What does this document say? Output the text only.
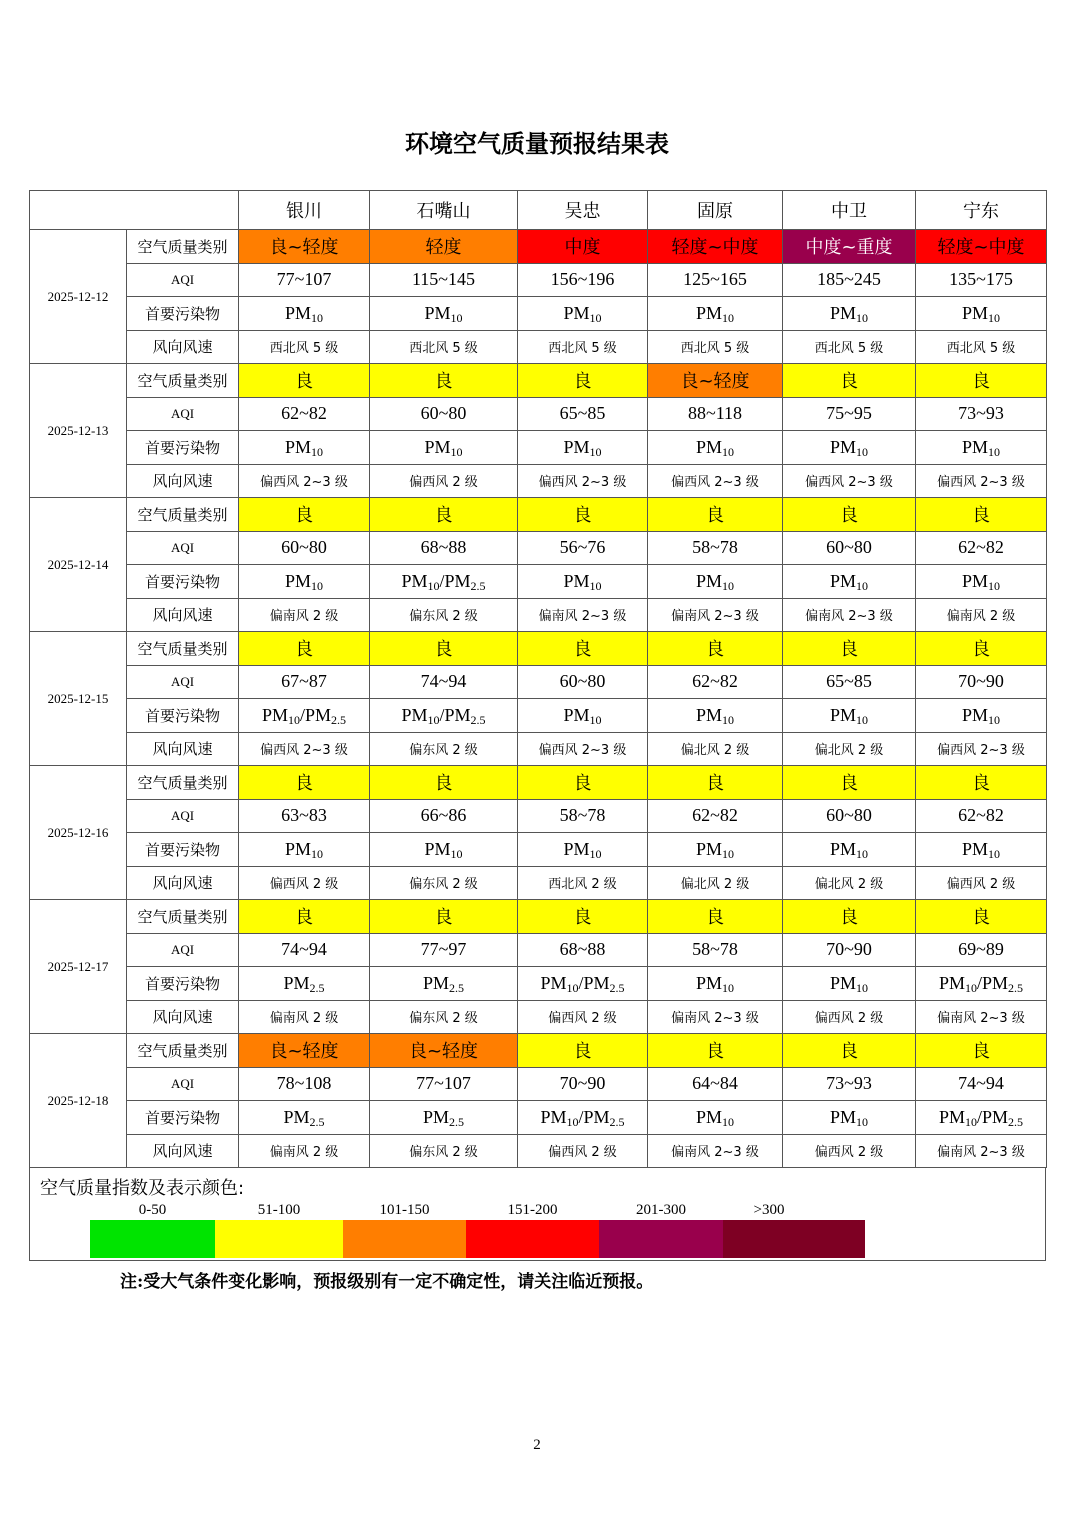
环境空气质量预报结果表
		银川	石嘴山	吴忠	固原	中卫	宁东
2025-12-12	空气质量类别	良~轻度	轻度	中度	轻度~中度	中度~重度	轻度~中度
	AQI	77~107	115~145	156~196	125~165	185~245	135~175
	首要污染物	$PM_{10}$	$PM_{10}$	$PM_{10}$	$PM_{10}$	$PM_{10}$	$PM_{10}$
	风向风速	西北风 5 级	西北风 5 级	西北风 5 级	西北风 5 级	西北风 5 级	西北风 5 级
2025-12-13	空气质量类别	良	良	良	良~轻度	良	良
	AQI	62~82	60~80	65~85	88~118	75~95	73~93
	首要污染物	$PM_{10}$	$PM_{10}$	$PM_{10}$	$PM_{10}$	$PM_{10}$	$PM_{10}$
	风向风速	偏西风 2~3 级	偏西风 2 级	偏西风 2~3 级	偏西风 2~3 级	偏西风 2~3 级	偏西风 2~3 级
2025-12-14	空气质量类别	良	良	良	良	良	良
	AQI	60~80	68~88	56~76	58~78	60~80	62~82
	首要污染物	$PM_{10}$	$PM_{10}/PM_{2.5}$	$PM_{10}$	$PM_{10}$	$PM_{10}$	$PM_{10}$
	风向风速	偏南风 2 级	偏东风 2 级	偏南风 2~3 级	偏南风 2~3 级	偏南风 2~3 级	偏南风 2 级
2025-12-15	空气质量类别	良	良	良	良	良	良
	AQI	67~87	74~94	60~80	62~82	65~85	70~90
	首要污染物	$PM_{10}/PM_{2.5}$	$PM_{10}/PM_{2.5}$	$PM_{10}$	$PM_{10}$	$PM_{10}$	$PM_{10}$
	风向风速	偏西风 2~3 级	偏东风 2 级	偏西风 2~3 级	偏北风 2 级	偏北风 2 级	偏西风 2~3 级
2025-12-16	空气质量类别	良	良	良	良	良	良
	AQI	63~83	66~86	58~78	62~82	60~80	62~82
	首要污染物	$PM_{10}$	$PM_{10}$	$PM_{10}$	$PM_{10}$	$PM_{10}$	$PM_{10}$
	风向风速	偏西风 2 级	偏东风 2 级	西北风 2 级	偏北风 2 级	偏北风 2 级	偏西风 2 级
2025-12-17	空气质量类别	良	良	良	良	良	良
	AQI	74~94	77~97	68~88	58~78	70~90	69~89
	首要污染物	$PM_{2.5}$	$PM_{2.5}$	$PM_{10}/PM_{2.5}$	$PM_{10}$	$PM_{10}$	$PM_{10}/PM_{2.5}$
	风向风速	偏南风 2 级	偏东风 2 级	偏西风 2 级	偏南风 2~3 级	偏西风 2 级	偏南风 2~3 级
2025-12-18	空气质量类别	良~轻度	良~轻度	良	良	良	良
	AQI	78~108	77~107	70~90	64~84	73~93	74~94
	首要污染物	$PM_{2.5}$	$PM_{2.5}$	$PM_{10}/PM_{2.5}$	$PM_{10}$	$PM_{10}$	$PM_{10}/PM_{2.5}$
	风向风速	偏南风 2 级	偏东风 2 级	偏西风 2 级	偏南风 2~3 级	偏西风 2 级	偏南风 2~3 级
空气质量指数及表示颜色:
0-50	51-100	101-150	151-200	201-300	>300
注:受大气条件变化影响，预报级别有一定不确定性，请关注临近预报。
2
